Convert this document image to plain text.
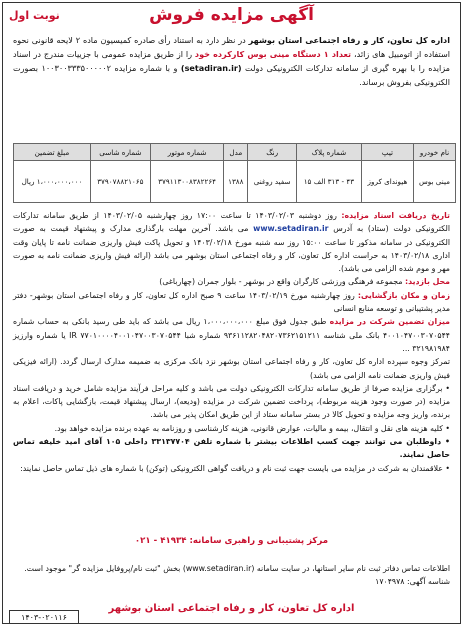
آگهی مزایده فروش
نوبت اول
اداره کل تعاون، کار و رفاه اجتماعی استان بوشهر در نظر دارد به استناد رأی صادره کمیسیون ماده ۲ لایحه قانونی نحوه استفاده از اتومبیل های زائد، تعداد ۱ دستگاه مینی بوس کارکرده خود را از طریق مزایده عمومی با جزییات مندرج در اسناد مزایده را با بهره گیری از سامانه تدارکات الکترونیکی دولت (setadiran.ir) و با شماره مزایده ۱۰۰۳۰۰۳۳۳۵۰۰۰۰۰۲ بصورت الکترونیکی بفروش برساند.
نام خودرو	تیپ	شماره پلاک	رنگ	مدل	شماره موتور	شماره شاسی	مبلغ تضمین
مینی بوس	هیوندای کروز	۴۳ - ۳۱۳ الف ۱۵	سفید روغنی	۱۳۸۸	۳۷۹۱۱۳۰۰۸۳۸۲۲۶۴	۳۷۹۰۷۸۸۲۱۰۶۵	۱،۰۰۰،۰۰۰،۰۰۰ ریال

تاریخ دریافت اسناد مزایده: روز دوشنبه ۱۴۰۳/۰۲/۰۳ تا ساعت ۱۷:۰۰ روز چهارشنبه ۱۴۰۳/۰۲/۰۵ از طریق سامانه تدارکات الکترونیکی دولت (ستاد) به آدرس www.setadiran.ir می باشد. آخرین مهلت بارگذاری مدارک و پیشنهاد قیمت به صورت الکترونیکی در سامانه مذکور تا ساعت ۱۵:۰۰ روز سه شنبه مورخ ۱۴۰۳/۰۲/۱۸ و تحویل پاکت فیش واریزی ضمانت نامه تا پایان وقت اداری ۱۴۰۳/۰۲/۱۸ به حراست اداره کل تعاون، کار و رفاه اجتماعی استان بوشهر می باشد (ارائه فیش واریزی ضمانت نامه به صورت مهر و موم شده الزامی می باشد).

محل بازدید: مجموعه فرهنگی ورزشی کارگران واقع در بوشهر - بلوار جمران (چهارباغی)

زمان و مکان بازگشایی: روز چهارشنبه مورخ ۱۴۰۳/۰۲/۱۹ ساعت ۹ صبح اداره کل تعاون، کار و رفاه اجتماعی استان بوشهر- دفتر مدیر پشتیبانی و توسعه منابع انسانی

میزان تضمین شرکت در مزایده طبق جدول فوق مبلغ ۱،۰۰۰،۰۰۰،۰۰۰ ریال می باشد که باید طی رسید بانکی به حساب شماره ۴۰۰۱۰۴۷۰۰۳۰۷۰۵۴۴ بانک ملی شناسه ۹۳۶۱۱۲۸۲۰۴۸۲۰۷۳۶۲۱۵۱۲۱۱ شماره شبا IR ۷۷۰۱۰۰۰۰۴۰۰۱۰۴۷۰۰۳۰۷۰۵۴۴ یا شماره وارزیز ۳۲۱۹۸۱۹۸۴ ...

تمرکز وجوه سپرده اداره کل تعاون، کار و رفاه اجتماعی استان بوشهر نزد بانک مرکزی به ضمیمه مدارک ارسال گردد. (ارائه فیزیکی فیش واریزی ضمانت نامه الزامی می باشد)

• برگزاری مزایده صرفا از طریق سامانه تدارکات الکترونیکی دولت می باشد و کلیه مراحل فرآیند مزایده شامل خرید و دریافت اسناد مزایده (در صورت وجود هزینه مربوطه)، پرداخت تضمین شرکت در مزایده (ودیعه)، ارسال پیشنهاد قیمت، بازگشایی پاکات، اعلام به برنده، واریز وجه مزایده و تحویل کالا در بستر سامانه ستاد از این طریق امکان پذیر می باشد.

• کلیه هزینه های نقل و انتقال، بیمه و مالیات، عوارض قانونی، هزینه کارشناسی و روزنامه به عهده برنده مزایده خواهد بود.

• داوطلبان می توانند جهت کسب اطلاعات بیشتر با شماره تلفن ۳۳۱۳۷۷۰۴ داخلی ۱۰۵ آقای امید خلیفه تماس حاصل نمایند.

• علاقمندان به شرکت در مزایده می بایست جهت ثبت نام و دریافت گواهی الکترونیکی (توکن) با شماره های ذیل تماس حاصل نمایند:

مرکز پشتیبانی و راهبری سامانه: ۴۱۹۳۴ - ۰۲۱
اطلاعات تماس دفاتر ثبت نام سایر استانها، در سایت سامانه (www.setadiran.ir) بخش "ثبت نام/پروفایل مزایده گر" موجود است.
شناسه آگهی: ۱۷۰۴۹۷۸
اداره کل تعاون، کار و رفاه اجتماعی استان بوشهر
۱۴۰۳-۰۲۰۱۱۶
